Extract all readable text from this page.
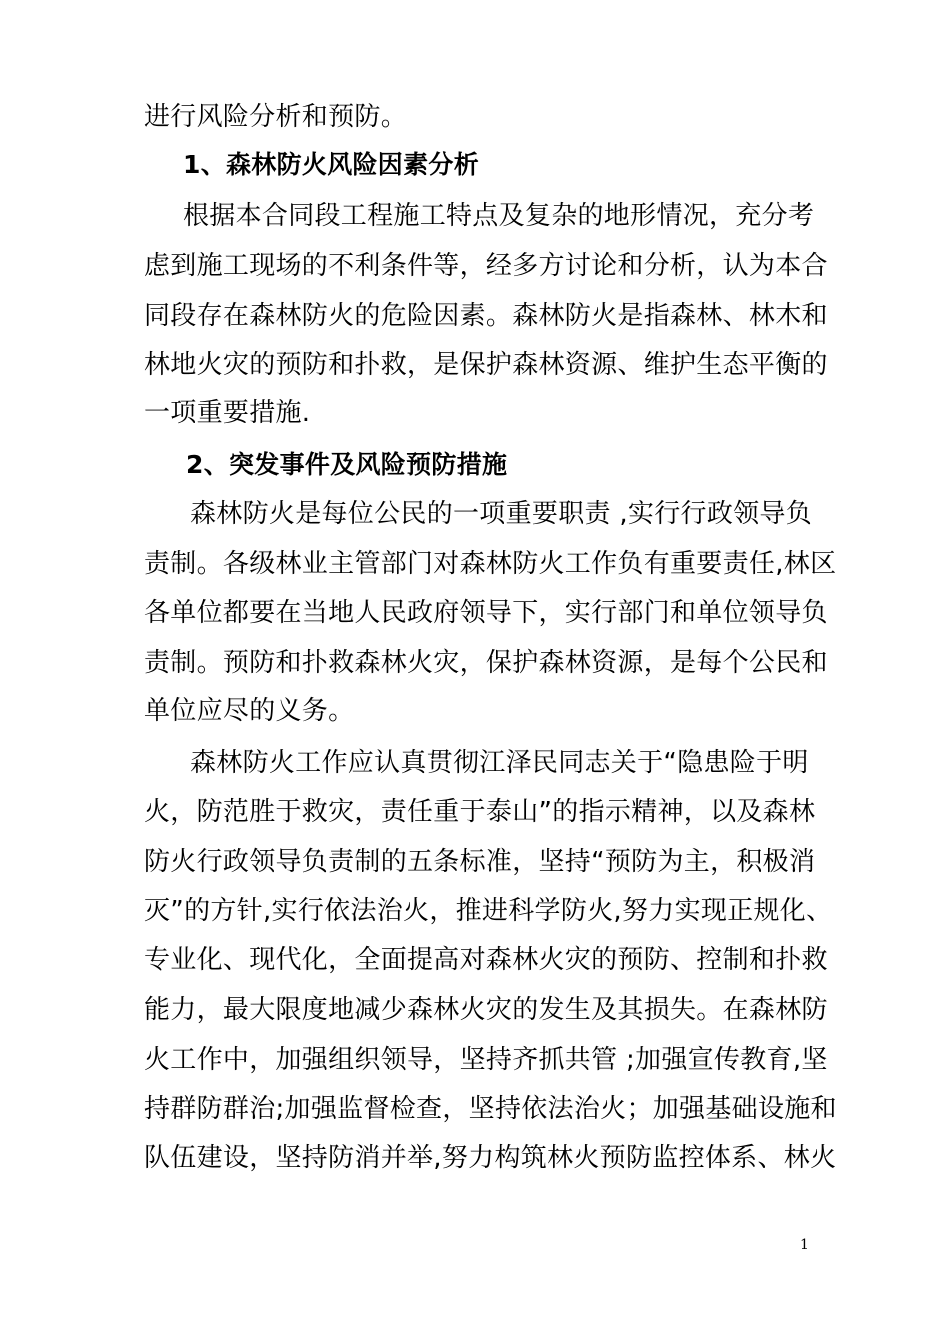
进行风险分析和预防。
1、森林防火风险因素分析
根据本合同段工程施工特点及复杂的地形情况，充分考
虑到施工现场的不利条件等，经多方讨论和分析，认为本合
同段存在森林防火的危险因素。森林防火是指森林、林木和
林地火灾的预防和扑救，是保护森林资源、维护生态平衡的
一项重要措施.
2、突发事件及风险预防措施
森林防火是每位公民的一项重要职责 ,实行行政领导负
责制。各级林业主管部门对森林防火工作负有重要责任,林区
各单位都要在当地人民政府领导下，实行部门和单位领导负
责制。预防和扑救森林火灾，保护森林资源，是每个公民和
单位应尽的义务。
森林防火工作应认真贯彻江泽民同志关于“隐患险于明
火，防范胜于救灾，责任重于泰山”的指示精神，以及森林
防火行政领导负责制的五条标准，坚持“预防为主，积极消
灭”的方针,实行依法治火，推进科学防火,努力实现正规化、
专业化、现代化，全面提高对森林火灾的预防、控制和扑救
能力，最大限度地减少森林火灾的发生及其损失。在森林防
火工作中，加强组织领导，坚持齐抓共管 ;加强宣传教育,坚
持群防群治;加强监督检查，坚持依法治火；加强基础设施和
队伍建设，坚持防消并举,努力构筑林火预防监控体系、林火
1
